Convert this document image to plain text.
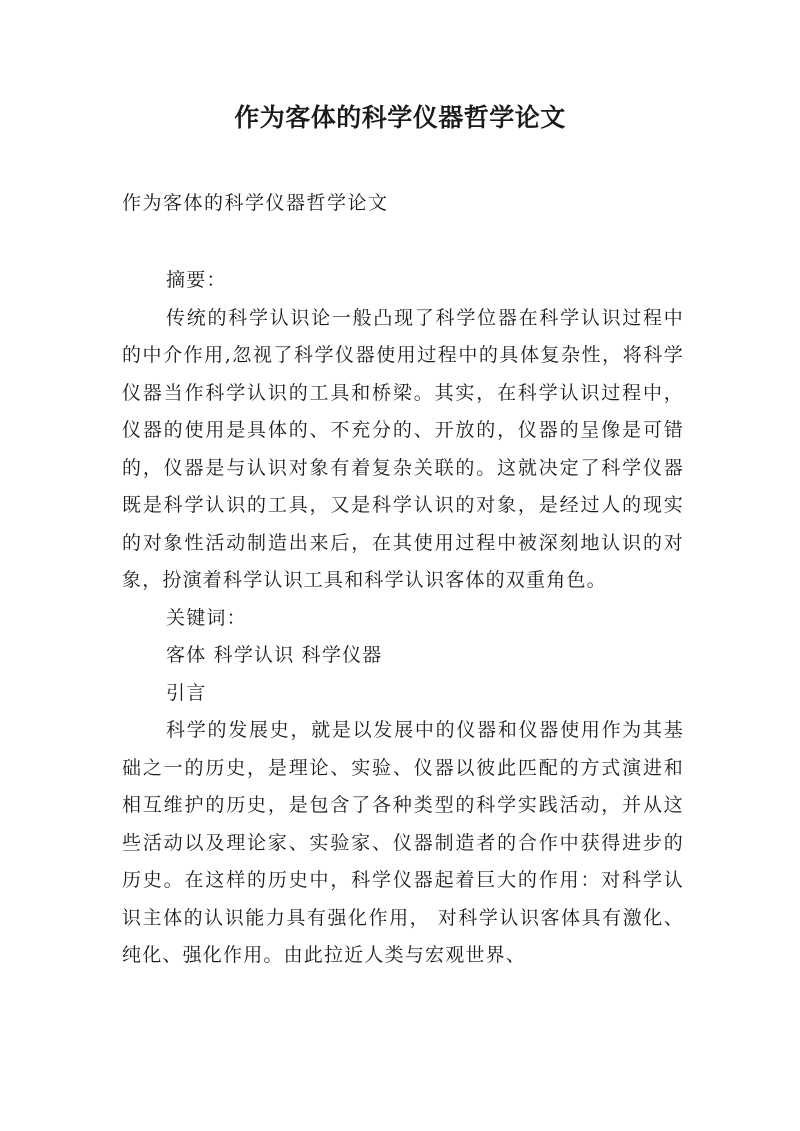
作为客体的科学仪器哲学论文
作为客体的科学仪器哲学论文

摘要：

传统的科学认识论一般凸现了科学位器在科学认识过程中的中介作用,忽视了科学仪器使用过程中的具体复杂性，将科学仪器当作科学认识的工具和桥梁。其实，在科学认识过程中，仪器的使用是具体的、不充分的、开放的，仪器的呈像是可错的，仪器是与认识对象有着复杂关联的。这就决定了科学仪器既是科学认识的工具，又是科学认识的对象，是经过人的现实的对象性活动制造出来后，在其使用过程中被深刻地认识的对象，扮演着科学认识工具和科学认识客体的双重角色。

关键词：

客体 科学认识 科学仪器

引言

科学的发展史，就是以发展中的仪器和仪器使用作为其基础之一的历史，是理论、实验、仪器以彼此匹配的方式演进和相互维护的历史，是包含了各种类型的科学实践活动，并从这些活动以及理论家、实验家、仪器制造者的合作中获得进步的历史。在这样的历史中，科学仪器起着巨大的作用：对科学认识主体的认识能力具有强化作用， 对科学认识客体具有激化、纯化、强化作用。由此拉近人类与宏观世界、
